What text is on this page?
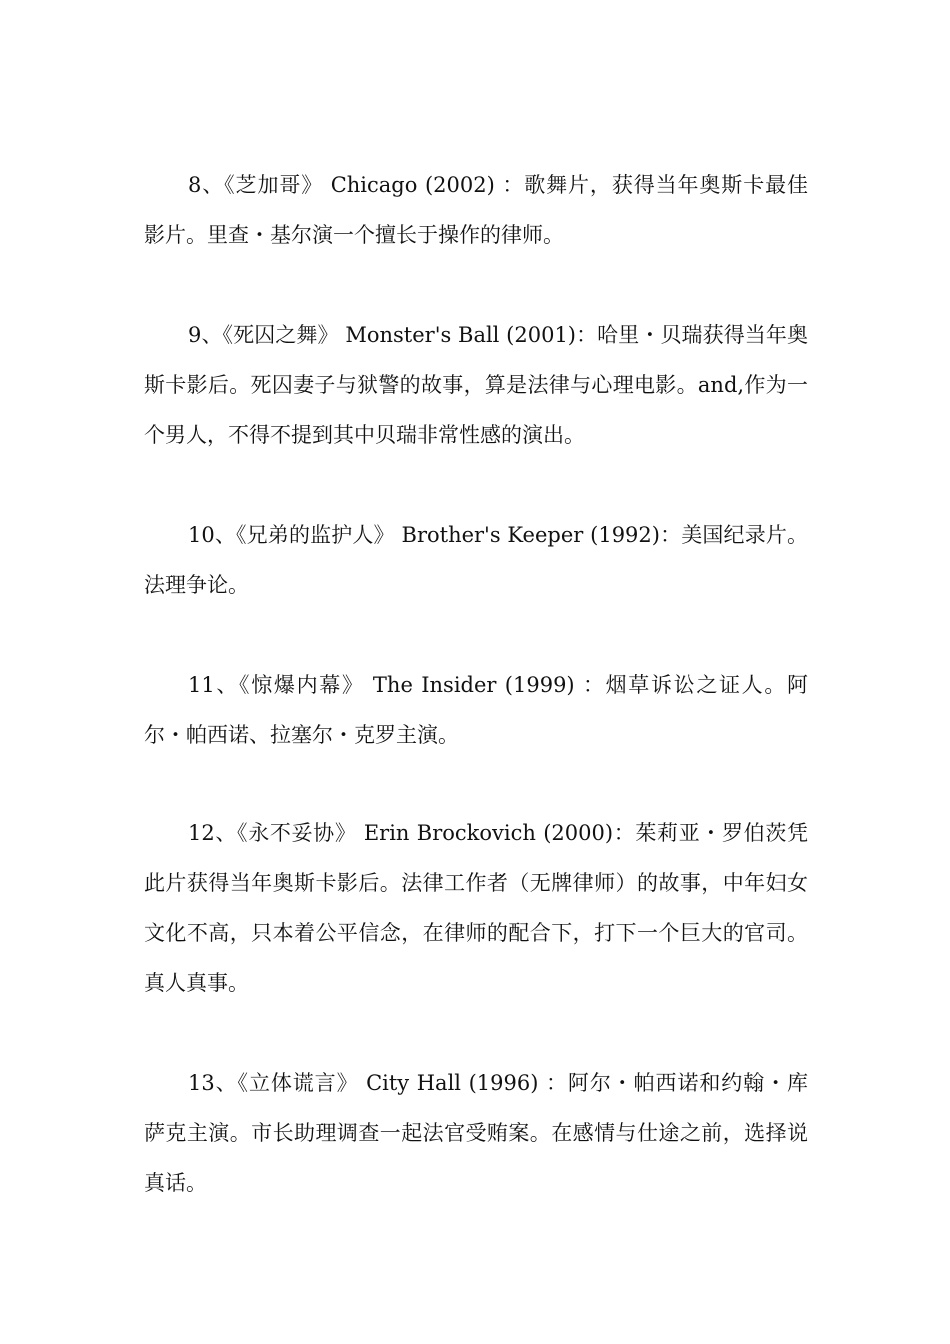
8、《芝加哥》 Chicago (2002) ：歌舞片，获得当年奥斯卡最佳影片。里查・基尔演一个擅长于操作的律师。

9、《死囚之舞》 Monster's Ball (2001)：哈里・贝瑞获得当年奥斯卡影后。死囚妻子与狱警的故事，算是法律与心理电影。and,作为一个男人，不得不提到其中贝瑞非常性感的演出。

10、《兄弟的监护人》 Brother's Keeper (1992)：美国纪录片。法理争论。

11、《惊爆内幕》 The Insider (1999) ：烟草诉讼之证人。阿尔・帕西诺、拉塞尔・克罗主演。

12、《永不妥协》 Erin Brockovich (2000)：茱莉亚・罗伯茨凭此片获得当年奥斯卡影后。法律工作者（无牌律师）的故事，中年妇女文化不高，只本着公平信念，在律师的配合下，打下一个巨大的官司。真人真事。

13、《立体谎言》 City Hall (1996) ：阿尔・帕西诺和约翰・库萨克主演。市长助理调查一起法官受贿案。在感情与仕途之前，选择说真话。
